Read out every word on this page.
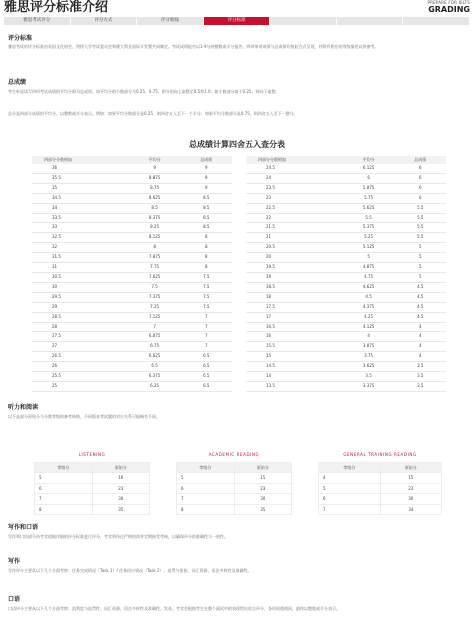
雅思评分标准介绍	PREPARE FOR IELTS
GRADING
雅思考试评分	评分方式	评分航线	评分标准
评分标准
雅思考试的评分标准由英国文化协会、剑桥大学考试委员会和澳大利亚国际开发署共同制定。考试成绩报告以1-9分的整数或半分报告，四项单项成绩与总成绩均按此方式呈现，并附有相应的等级描述以供参考。
总成绩
考生听说读写四项考试成绩的平均分即为总成绩。如平均分的小数部分为0.25、0.75，则分别向上取整至0.5和1.0；如小数部分低于0.25，则向下取整。
总分是四部分成绩的平均分，以整数或半分表示。例如：如果平均分数部分是0.25，则四舍五入至下一个半分；如果平均分数部分是0.75，则四舍五入至下一整分。
总成绩计算四舍五入查分表
四部分分数相加	平均分	总成绩
36	9	9
35.5	8.875	9
35	8.75	9
34.5	8.625	8.5
34	8.5	8.5
33.5	8.375	8.5
33	8.25	8.5
32.5	8.125	8
32	8	8
31.5	7.875	8
31	7.75	8
30.5	7.625	7.5
30	7.5	7.5
29.5	7.375	7.5
29	7.25	7.5
28.5	7.125	7
28	7	7
27.5	6.875	7
27	6.75	7
26.5	6.625	6.5
26	6.5	6.5
25.5	6.375	6.5
25	6.25	6.5
四部分分数相加	平均分	总成绩
24.5	6.125	6
24	6	6
23.5	5.875	6
23	5.75	6
22.5	5.625	5.5
22	5.5	5.5
21.5	5.375	5.5
21	5.25	5.5
20.5	5.125	5
20	5	5
19.5	4.875	5
19	4.75	5
18.5	4.625	4.5
18	4.5	4.5
17.5	4.375	4.5
17	4.25	4.5
16.5	4.125	4
16	4	4
15.5	3.875	4
15	3.75	4
14.5	3.625	3.5
14	3.5	3.5
13.5	3.375	3.5
听力和阅读
以下是部分原始分与分数等级的参考转换，不同版本考试题的对应关系可能略有不同。
LISTENING	ACADEMIC READING	GENERAL TRAINING READING
等级分	原始分
5	16
6	23
7	30
8	35
等级分	原始分
5	15
6	23
7	30
8	35
等级分	原始分
4	15
5	23
6	30
7	34
写作和口语
写作和口语部分由考官依据详细的评分标准进行评分，考官须经过严格培训并定期接受考核，以确保评分的准确性与一致性。
写作
写作评分主要从以下几个方面考察：任务完成情况（Task 1）/ 任务回应情况（Task 2）、连贯与衔接、词汇资源、语法多样性及准确性。
口语
口语评分主要从以下几个方面考察：流利度与连贯性、词汇资源、语法多样性及准确性、发音。考官会根据考生在整个面试中的表现给出综合评分，各项权重相同，最终以整数或半分表示。
